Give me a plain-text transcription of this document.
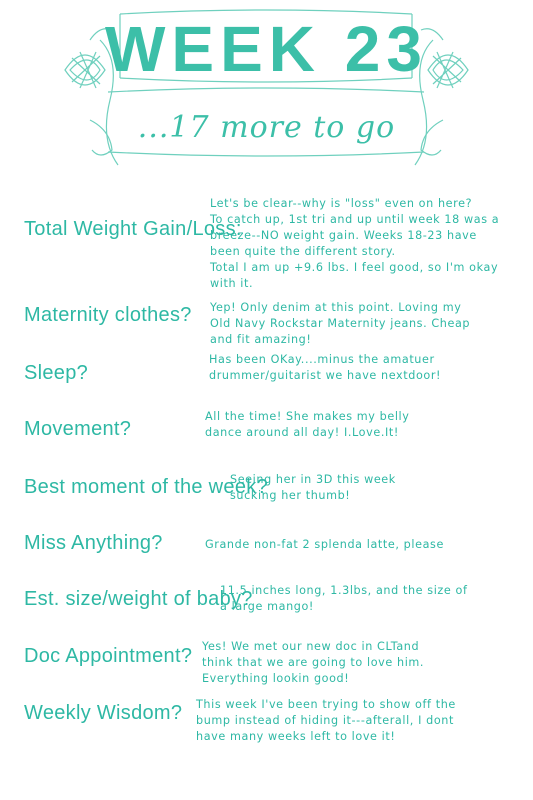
WEEK 23
...17 more to go
Total Weight Gain/Loss:
Let's be clear--why is "loss" even on here?
To catch up, 1st tri and up until week 18 was a
breeze--NO weight gain. Weeks 18-23 have
been quite the different story.
Total I am up +9.6 lbs. I feel good, so I'm okay
with it.
Maternity clothes? Yep! Only denim at this point. Loving my
Old Navy Rockstar Maternity jeans. Cheap
and fit amazing!
Sleep?
Has been OKay....minus the amatuer
drummer/guitarist we have nextdoor!
Movement?
All the time! She makes my belly
dance around all day! I.Love.It!
Best moment of the week?
Seeing her in 3D this week
sucking her thumb!
Miss Anything?	Grande non-fat 2 splenda latte, please
Est. size/weight of baby?
11.5 inches long, 1.3lbs, and the size of
a large mango!
Doc Appointment? Yes! We met our new doc in CLTand
think that we are going to love him.
Everything lookin good!
Weekly Wisdom? This week I've been trying to show off the
bump instead of hiding it---afterall, I dont
have many weeks left to love it!
